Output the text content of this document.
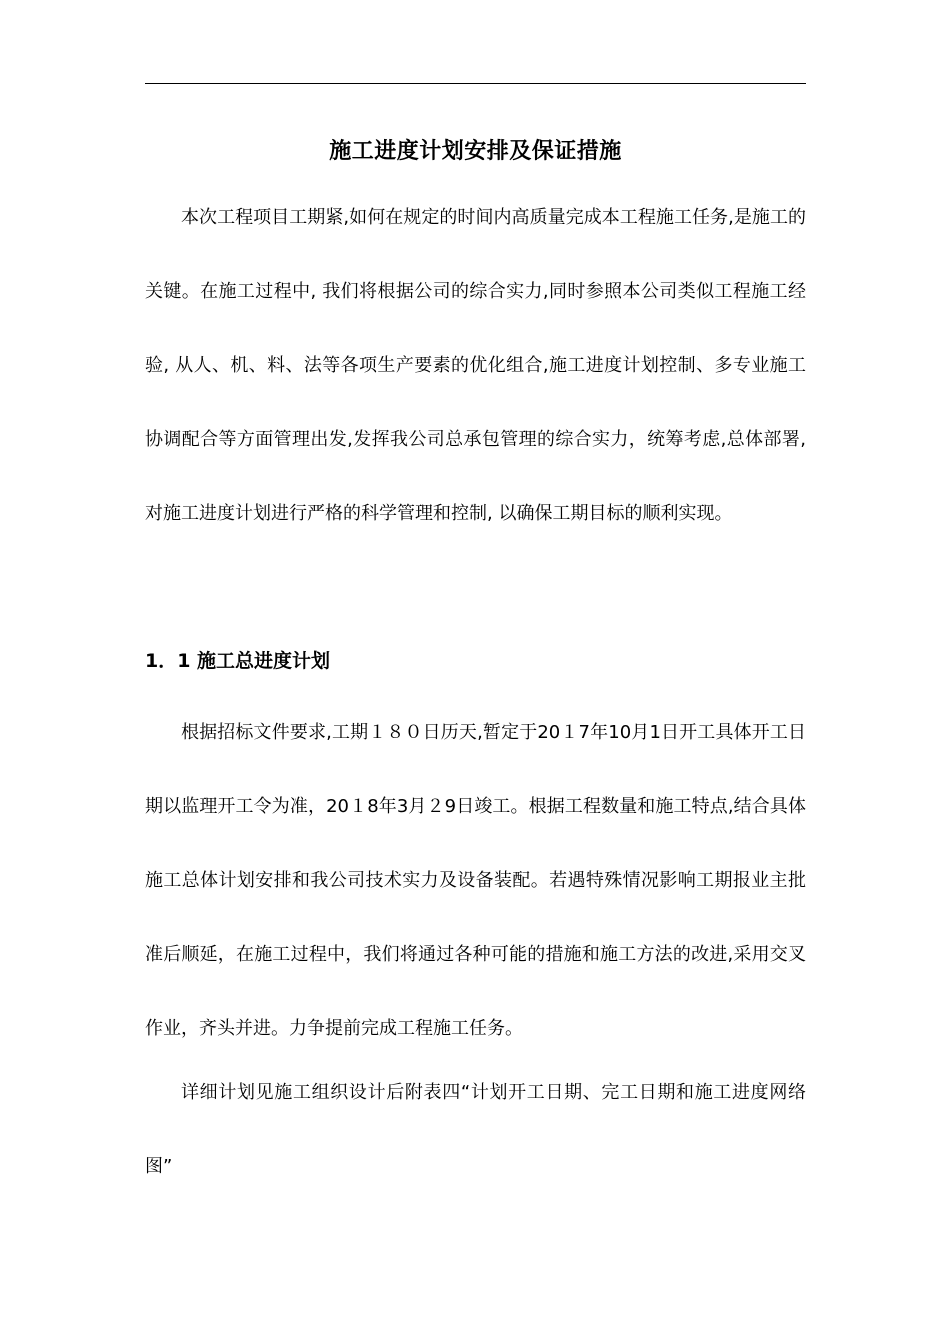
施工进度计划安排及保证措施

本次工程项目工期紧,如何在规定的时间内高质量完成本工程施工任务,是施工的关键。在施工过程中, 我们将根据公司的综合实力,同时参照本公司类似工程施工经验, 从人、机、料、法等各项生产要素的优化组合,施工进度计划控制、多专业施工协调配合等方面管理出发,发挥我公司总承包管理的综合实力，统筹考虑,总体部署, 对施工进度计划进行严格的科学管理和控制, 以确保工期目标的顺利实现。

1．1 施工总进度计划

根据招标文件要求,工期１８０日历天,暂定于20１7年10月1日开工具体开工日期以监理开工令为准，20１8年3月２9日竣工。根据工程数量和施工特点,结合具体施工总体计划安排和我公司技术实力及设备装配。若遇特殊情况影响工期报业主批准后顺延，在施工过程中，我们将通过各种可能的措施和施工方法的改进,采用交叉作业，齐头并进。力争提前完成工程施工任务。

详细计划见施工组织设计后附表四“计划开工日期、完工日期和施工进度网络图”
